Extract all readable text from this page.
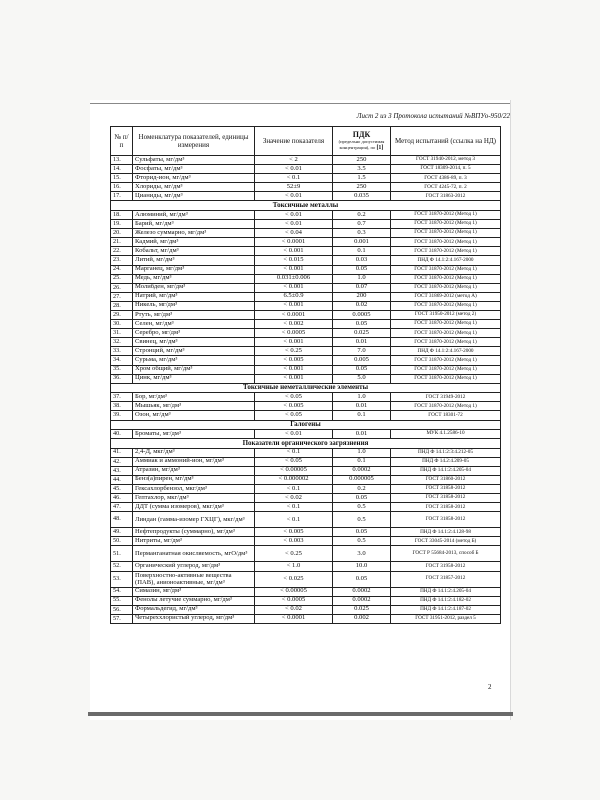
Лист 2 из 3 Протокола испытаний №ВПУо-950/22
№ п/п	Номенклатура показателей, единицы измерения	Значение показателя	ПДК
(предельно допустимая концентрация), по [1]	Метод испытаний (ссылка на НД)
13.	Сульфаты, мг/дм³	< 2	250	ГОСТ 31940-2012, метод 3
14.	Фосфаты, мг/дм³	< 0.01	3.5	ГОСТ 18309-2014, п. 5
15.	Фторид-ион, мг/дм³	< 0.1	1.5	ГОСТ 4386-89, п. 3
16.	Хлориды, мг/дм³	52±9	250	ГОСТ 4245-72, п. 2
17.	Цианиды, мг/дм³	< 0.01	0.035	ГОСТ 31863-2012
Токсичные металлы				
18.	Алюминий, мг/дм³	< 0.01	0.2	ГОСТ 31870-2012 (Метод 1)
19.	Барий, мг/дм³	< 0.01	0.7	ГОСТ 31870-2012 (Метод 1)
20.	Железо суммарно, мг/дм³	< 0.04	0.3	ГОСТ 31870-2012 (Метод 1)
21.	Кадмий, мг/дм³	< 0.0001	0.001	ГОСТ 31870-2012 (Метод 1)
22.	Кобальт, мг/дм³	< 0.001	0.1	ГОСТ 31870-2012 (Метод 1)
23.	Литий, мг/дм³	< 0.015	0.03	ПНД Ф 14.1:2:4.167-2000
24.	Марганец, мг/дм³	< 0.001	0.05	ГОСТ 31870-2012 (Метод 1)
25.	Медь, мг/дм³	0.031±0.006	1.0	ГОСТ 31870-2012 (Метод 1)
26.	Молибден, мг/дм³	< 0.001	0.07	ГОСТ 31870-2012 (Метод 1)
27.	Натрий, мг/дм³	6.5±0.9	200	ГОСТ 31869-2012 (метод А)
28.	Никель, мг/дм³	< 0.001	0.02	ГОСТ 31870-2012 (Метод 1)
29.	Ртуть, мг/дм³	< 0.0001	0.0005	ГОСТ 31950-2012 (метод 2)
30.	Селен, мг/дм³	< 0.002	0.05	ГОСТ 31870-2012 (Метод 1)
31.	Серебро, мг/дм³	< 0.0005	0.025	ГОСТ 31870-2012 (Метод 1)
32.	Свинец, мг/дм³	< 0.001	0.01	ГОСТ 31870-2012 (Метод 1)
33.	Стронций, мг/дм³	< 0.25	7.0	ПНД Ф 14.1:2:4.167-2000
34.	Сурьма, мг/дм³	< 0.005	0.005	ГОСТ 31870-2012 (Метод 1)
35.	Хром общий, мг/дм³	< 0.001	0.05	ГОСТ 31870-2012 (Метод 1)
36.	Цинк, мг/дм³	< 0.001	5.0	ГОСТ 31870-2012 (Метод 1)
Токсичные неметаллические элементы				
37.	Бор, мг/дм³	< 0.05	1.0	ГОСТ 31949-2012
38.	Мышьяк, мг/дм³	< 0.005	0.01	ГОСТ 31870-2012 (Метод 1)
39.	Озон, мг/дм³	< 0.05	0.1	ГОСТ 18301-72
Галогены				
40.	Броматы, мг/дм³	< 0.01	0.01	МУК 4.1.2586-10
Показатели органического загрязнения				
41.	2,4-Д, мкг/дм³	< 0.1	1.0	ПНД Ф 14.1:2:3:4.212-05
42.	Аммиак и аммоний-ион, мг/дм³	< 0.05	0.1	ПНД Ф 14.2:4.209-05
43.	Атразин, мг/дм³	< 0.00005	0.0002	ПНД Ф 14.1:2:4.205-04
44.	Бенз(а)пирен, мг/дм³	< 0.000002	0.000005	ГОСТ 31860-2012
45.	Гексахлорбензол, мкг/дм³	< 0.1	0.2	ГОСТ 31858-2012
46.	Гептахлор, мкг/дм³	< 0.02	0.05	ГОСТ 31858-2012
47.	ДДТ (сумма изомеров), мкг/дм³	< 0.1	0.5	ГОСТ 31858-2012
48.	Линдан (гамма-изомер ГХЦГ), мкг/дм³	< 0.1	0.5	ГОСТ 31858-2012
49.	Нефтепродукты (суммарно), мг/дм³	< 0.005	0.05	ПНД Ф 14.1:2:4.128-98
50.	Нитриты, мг/дм³	< 0.003	0.5	ГОСТ 33045-2014 (метод Б)
51.	Перманганатная окисляемость, мгО/дм³	< 0.25	3.0	ГОСТ Р 55684-2013, способ Б
52.	Органический углерод, мг/дм³	< 1.0	10.0	ГОСТ 31958-2012
53.	Поверхностно-активные вещества (ПАВ), анионоактивные, мг/дм³	< 0.025	0.05	ГОСТ 31857-2012
54.	Симазин, мг/дм³	< 0.00005	0.0002	ПНД Ф 14.1:2:4.205-04
55.	Фенолы летучие суммарно, мг/дм³	< 0.0005	0.0002	ПНД Ф 14.1:2:4.182-02
56.	Формальдегид, мг/дм³	< 0.02	0.025	ПНД Ф 14.1:2:4.187-02
57.	Четыреххлористый углерод, мг/дм³	< 0.0001	0.002	ГОСТ 31951-2012, раздел 5
2
